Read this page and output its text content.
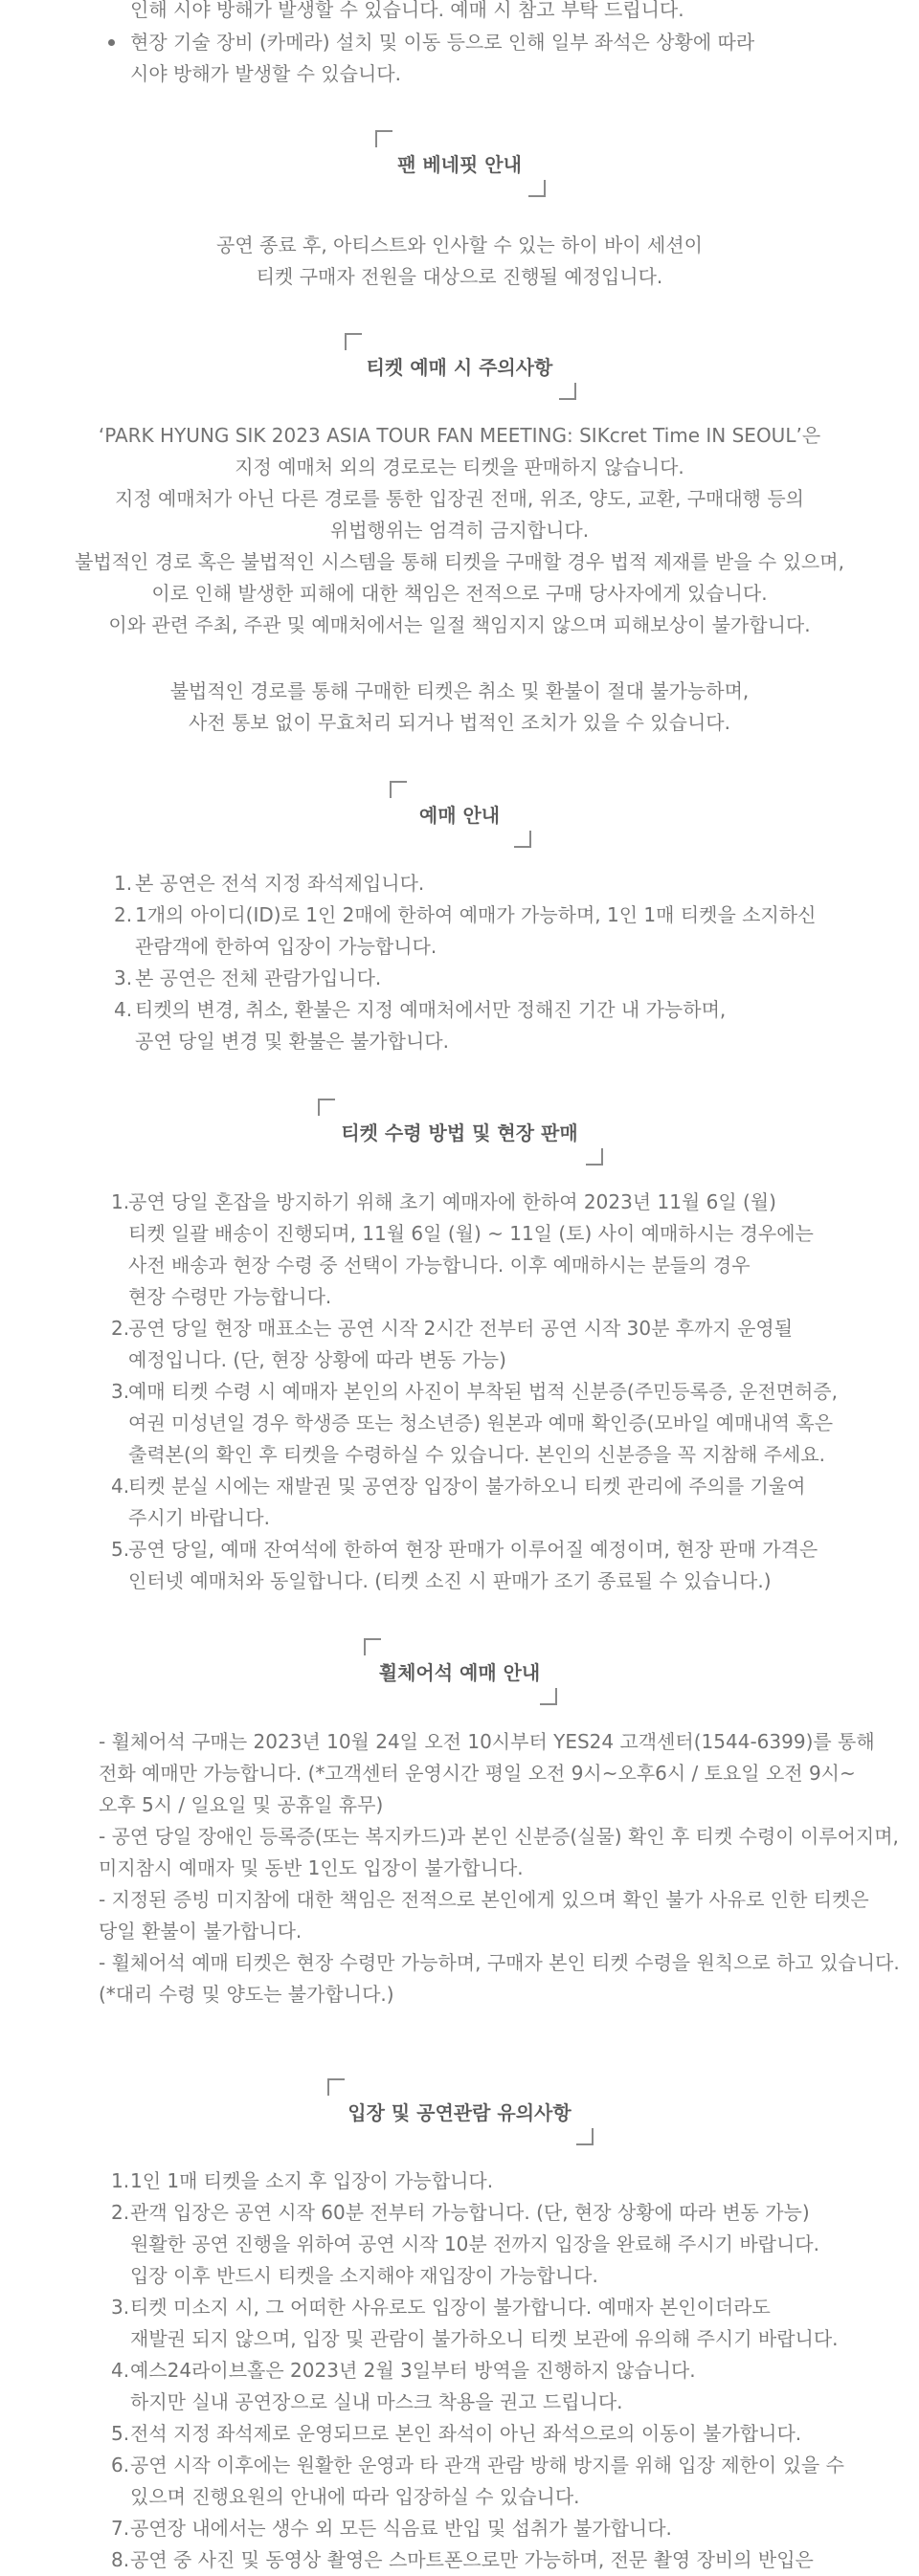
인해 시야 방해가 발생할 수 있습니다. 예매 시 참고 부탁 드립니다.
현장 기술 장비 (카메라) 설치 및 이동 등으로 인해 일부 좌석은 상황에 따라
시야 방해가 발생할 수 있습니다.
팬 베네핏 안내
공연 종료 후, 아티스트와 인사할 수 있는 하이 바이 세션이
티켓 구매자 전원을 대상으로 진행될 예정입니다.
티켓 예매 시 주의사항
‘PARK HYUNG SIK 2023 ASIA TOUR FAN MEETING: SIKcret Time IN SEOUL’은
지정 예매처 외의 경로로는 티켓을 판매하지 않습니다.
지정 예매처가 아닌 다른 경로를 통한 입장권 전매, 위조, 양도, 교환, 구매대행 등의
위법행위는 엄격히 금지합니다.
불법적인 경로 혹은 불법적인 시스템을 통해 티켓을 구매할 경우 법적 제재를 받을 수 있으며,
이로 인해 발생한 피해에 대한 책임은 전적으로 구매 당사자에게 있습니다.
이와 관련 주최, 주관 및 예매처에서는 일절 책임지지 않으며 피해보상이 불가합니다.
불법적인 경로를 통해 구매한 티켓은 취소 및 환불이 절대 불가능하며,
사전 통보 없이 무효처리 되거나 법적인 조치가 있을 수 있습니다.
예매 안내
1. 본 공연은 전석 지정 좌석제입니다.
2. 1개의 아이디(ID)로 1인 2매에 한하여 예매가 가능하며, 1인 1매 티켓을 소지하신
관람객에 한하여 입장이 가능합니다.
3. 본 공연은 전체 관람가입니다.
4. 티켓의 변경, 취소, 환불은 지정 예매처에서만 정해진 기간 내 가능하며,
공연 당일 변경 및 환불은 불가합니다.
티켓 수령 방법 및 현장 판매
1.
공연 당일 혼잡을 방지하기 위해 초기 예매자에 한하여 2023년 11월 6일 (월)
티켓 일괄 배송이 진행되며, 11월 6일 (월) ~ 11일 (토) 사이 예매하시는 경우에는
사전 배송과 현장 수령 중 선택이 가능합니다. 이후 예매하시는 분들의 경우
현장 수령만 가능합니다.
2.
공연 당일 현장 매표소는 공연 시작 2시간 전부터 공연 시작 30분 후까지 운영될
예정입니다. (단, 현장 상황에 따라 변동 가능)
3.
예매 티켓 수령 시 예매자 본인의 사진이 부착된 법적 신분증(주민등록증, 운전면허증,
여권 미성년일 경우 학생증 또는 청소년증) 원본과 예매 확인증(모바일 예매내역 혹은
출력본(의 확인 후 티켓을 수령하실 수 있습니다. 본인의 신분증을 꼭 지참해 주세요.
4.
티켓 분실 시에는 재발권 및 공연장 입장이 불가하오니 티켓 관리에 주의를 기울여
주시기 바랍니다.
5.
공연 당일, 예매 잔여석에 한하여 현장 판매가 이루어질 예정이며, 현장 판매 가격은
인터넷 예매처와 동일합니다. (티켓 소진 시 판매가 조기 종료될 수 있습니다.)
휠체어석 예매 안내
- 휠체어석 구매는 2023년 10월 24일 오전 10시부터 YES24 고객센터(1544-6399)를 통해
전화 예매만 가능합니다. (*고객센터 운영시간 평일 오전 9시~오후6시 / 토요일 오전 9시~
오후 5시 / 일요일 및 공휴일 휴무)
- 공연 당일 장애인 등록증(또는 복지카드)과 본인 신분증(실물) 확인 후 티켓 수령이 이루어지며,
미지참시 예매자 및 동반 1인도 입장이 불가합니다.
- 지정된 증빙 미지참에 대한 책임은 전적으로 본인에게 있으며 확인 불가 사유로 인한 티켓은
당일 환불이 불가합니다.
- 휠체어석 예매 티켓은 현장 수령만 가능하며, 구매자 본인 티켓 수령을 원칙으로 하고 있습니다.
(*대리 수령 및 양도는 불가합니다.)
입장 및 공연관람 유의사항
1. 1인 1매 티켓을 소지 후 입장이 가능합니다.
2. 관객 입장은 공연 시작 60분 전부터 가능합니다. (단, 현장 상황에 따라 변동 가능)
원활한 공연 진행을 위하여 공연 시작 10분 전까지 입장을 완료해 주시기 바랍니다.
입장 이후 반드시 티켓을 소지해야 재입장이 가능합니다.
3. 티켓 미소지 시, 그 어떠한 사유로도 입장이 불가합니다. 예매자 본인이더라도
재발권 되지 않으며, 입장 및 관람이 불가하오니 티켓 보관에 유의해 주시기 바랍니다.
4. 예스24라이브홀은 2023년 2월 3일부터 방역을 진행하지 않습니다.
하지만 실내 공연장으로 실내 마스크 착용을 권고 드립니다.
5. 전석 지정 좌석제로 운영되므로 본인 좌석이 아닌 좌석으로의 이동이 불가합니다.
6. 공연 시작 이후에는 원활한 운영과 타 관객 관람 방해 방지를 위해 입장 제한이 있을 수
있으며 진행요원의 안내에 따라 입장하실 수 있습니다.
7. 공연장 내에서는 생수 외 모든 식음료 반입 및 섭취가 불가합니다.
8. 공연 중 사진 및 동영상 촬영은 스마트폰으로만 가능하며, 전문 촬영 장비의 반입은
